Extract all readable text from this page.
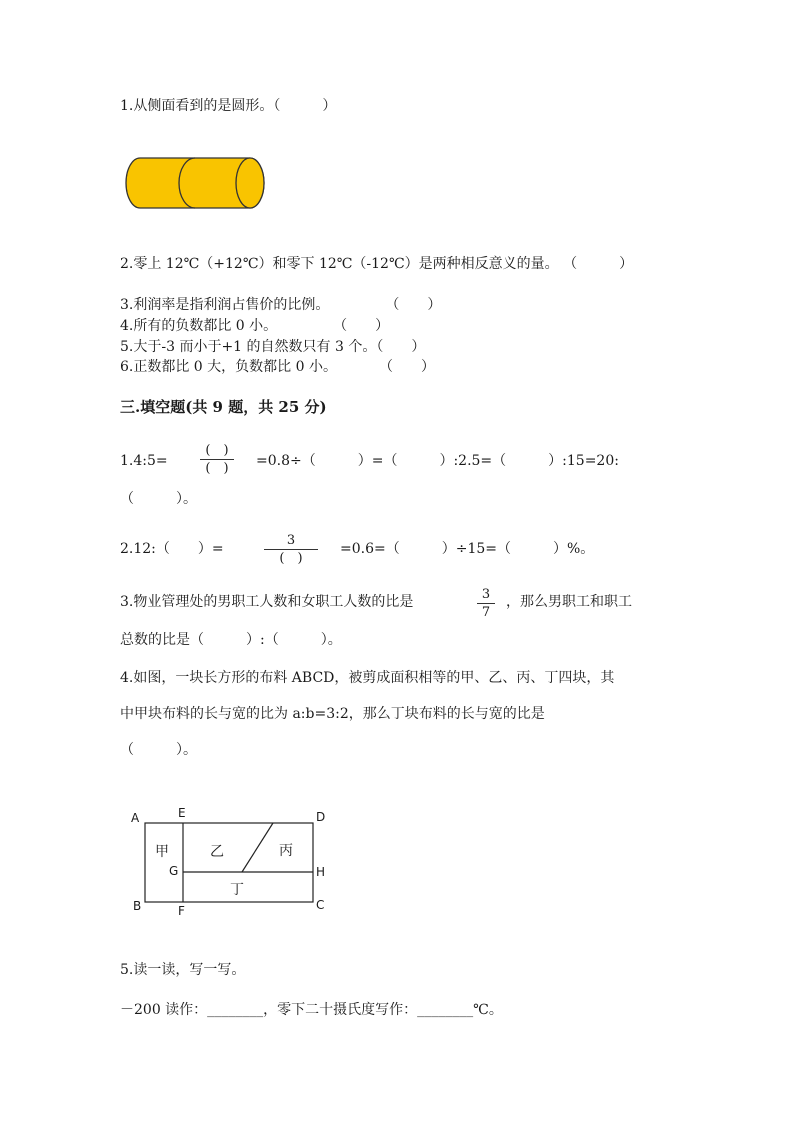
1.从侧面看到的是圆形。（　　　）
2.零上 12℃（+12℃）和零下 12℃（-12℃）是两种相反意义的量。 （　　　）
3.利润率是指利润占售价的比例。　　　　　（　　）
4.所有的负数都比 0 小。　　　　　（　　）
5.大于-3 而小于+1 的自然数只有 3 个。（　　）
6.正数都比 0 大，负数都比 0 小。　　　　（　　）
三.填空题(共 9 题，共 25 分)
1.4:5=
(　)
(　)	=0.8÷（　　　）=（　　　）:2.5=（　　　）:15=20:
（　　　）。
2.12:（　　）=
3
(　)
=0.6=（　　　）÷15=（　　　）%。
3.物业管理处的男职工人数和女职工人数的比是	3
7
，那么男职工和职工
总数的比是（　　　）:（　　　）。
4.如图，一块长方形的布料 ABCD，被剪成面积相等的甲、乙、丙、丁四块，其
中甲块布料的长与宽的比为 a:b=3:2，那么丁块布料的长与宽的比是
（　　　）。
A	E	D
G	H
B	F	C
甲	乙	丙
丁
5.读一读，写一写。
－200 读作：________，零下二十摄氏度写作：________℃。
